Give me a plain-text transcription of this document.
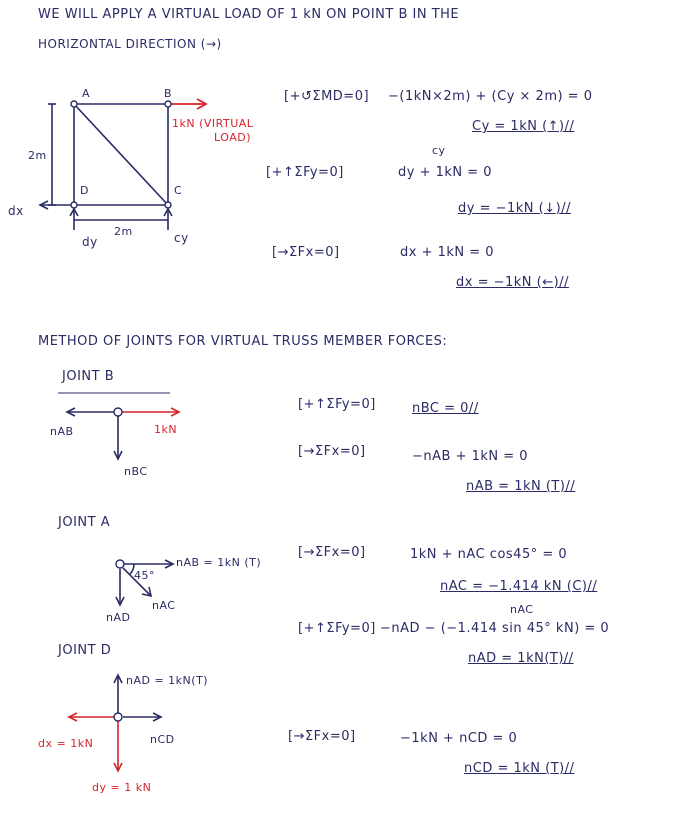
WE WILL APPLY A VIRTUAL LOAD OF 1 kN ON POINT B IN THE
HORIZONTAL DIRECTION (→)
A	B
C
D
2m
2m
1kN (VIRTUAL
LOAD)
dx
dy	cy
[+↺ΣMD=0] −(1kN×2m) + (Cy × 2m) = 0
Cy = 1kN (↑)//
cy
[+↑ΣFy=0]	dy + 1kN = 0
dy = −1kN (↓)//
[→ΣFx=0]	dx + 1kN = 0
dx = −1kN (←)//
METHOD OF JOINTS FOR VIRTUAL TRUSS MEMBER FORCES:
JOINT B
nAB	1kN
nBC
[+↑ΣFy=0]	nBC = 0//
[→ΣFx=0]	−nAB + 1kN = 0
nAB = 1kN (T)//
JOINT A
45°
nAB = 1kN (T)
nAC
nAD
[→ΣFx=0]	1kN + nAC cos45° = 0
nAC = −1.414 kN (C)//
nAC
[+↑ΣFy=0] −nAD − (−1.414 sin 45° kN) = 0
nAD = 1kN(T)//
JOINT D
nAD = 1kN(T)
dx = 1kN	nCD
dy = 1 kN
[→ΣFx=0]	−1kN + nCD = 0
nCD = 1kN (T)//
